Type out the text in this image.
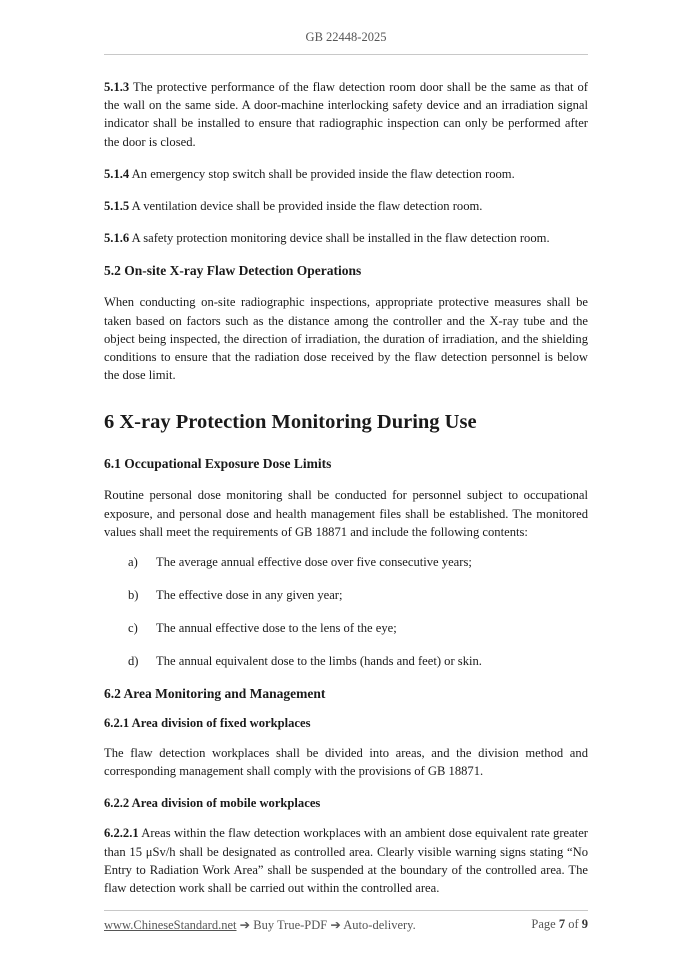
GB 22448-2025

5.1.3 The protective performance of the flaw detection room door shall be the same as that of the wall on the same side. A door-machine interlocking safety device and an irradiation signal indicator shall be installed to ensure that radiographic inspection can only be performed after the door is closed.

5.1.4 An emergency stop switch shall be provided inside the flaw detection room.

5.1.5 A ventilation device shall be provided inside the flaw detection room.

5.1.6 A safety protection monitoring device shall be installed in the flaw detection room.

5.2 On-site X-ray Flaw Detection Operations

When conducting on-site radiographic inspections, appropriate protective measures shall be taken based on factors such as the distance among the controller and the X-ray tube and the object being inspected, the direction of irradiation, the duration of irradiation, and the shielding conditions to ensure that the radiation dose received by the flaw detection personnel is below the dose limit.

6 X-ray Protection Monitoring During Use
6.1 Occupational Exposure Dose Limits

Routine personal dose monitoring shall be conducted for personnel subject to occupational exposure, and personal dose and health management files shall be established. The monitored values shall meet the requirements of GB 18871 and include the following contents:

a)	The average annual effective dose over five consecutive years;
b)	The effective dose in any given year;
c)	The annual effective dose to the lens of the eye;
d)	The annual equivalent dose to the limbs (hands and feet) or skin.
6.2 Area Monitoring and Management
6.2.1 Area division of fixed workplaces

The flaw detection workplaces shall be divided into areas, and the division method and corresponding management shall comply with the provisions of GB 18871.

6.2.2 Area division of mobile workplaces

6.2.2.1 Areas within the flaw detection workplaces with an ambient dose equivalent rate greater than 15 μSv/h shall be designated as controlled area. Clearly visible warning signs stating “No Entry to Radiation Work Area” shall be suspended at the boundary of the controlled area. The flaw detection work shall be carried out within the controlled area.

www.ChineseStandard.net ➔ Buy True-PDF ➔ Auto-delivery.	Page 7 of 9
